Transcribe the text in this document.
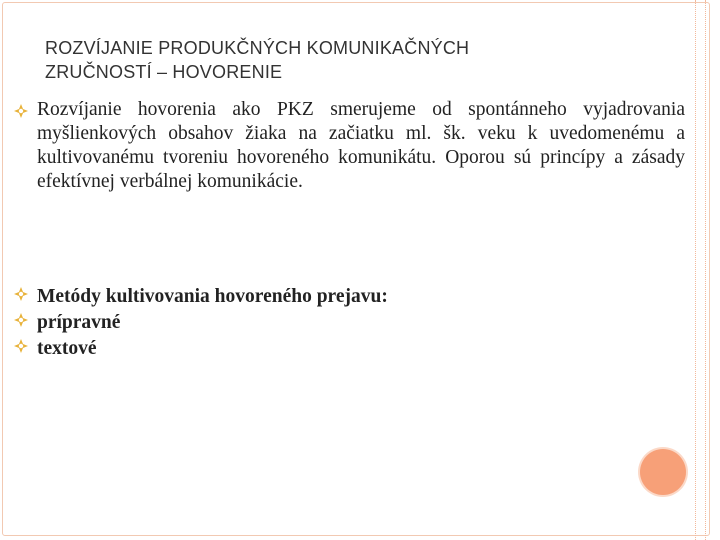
ROZVÍJANIE PRODUKČNÝCH KOMUNIKAČNÝCH
ZRUČNOSTÍ – HOVORENIE
Rozvíjanie hovorenia ako PKZ smerujeme od spontánneho vyjadrovania myšlienkových obsahov žiaka na začiatku ml. šk. veku k uvedomenému a kultivovanému tvoreniu hovoreného komunikátu. Oporou sú princípy a zásady efektívnej verbálnej komunikácie.
Metódy kultivovania hovoreného prejavu:
prípravné
textové
